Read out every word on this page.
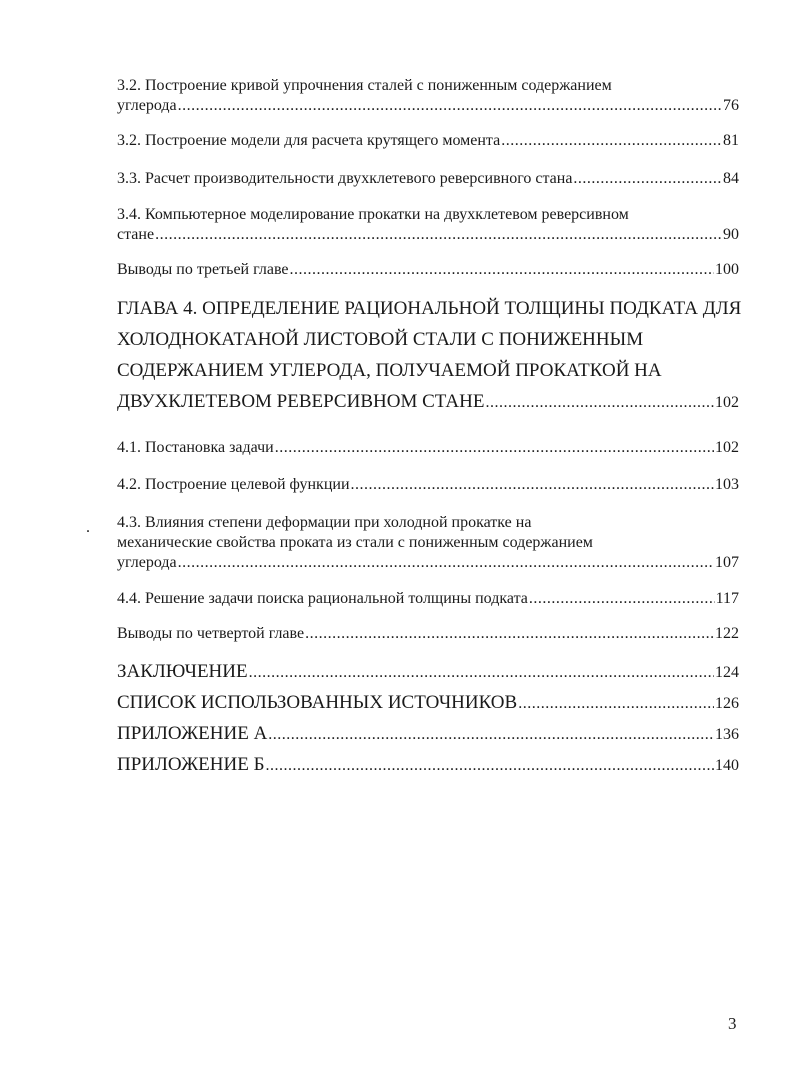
3.2. Построение кривой упрочнения сталей с пониженным содержанием
углерода .....	76
3.2. Построение модели для расчета крутящего момента .....	81
3.3. Расчет производительности двухклетевого реверсивного стана .....	84
3.4. Компьютерное моделирование прокатки на двухклетевом реверсивном
стане .....	90
Выводы по третьей главе .....	100
ГЛАВА 4. ОПРЕДЕЛЕНИЕ РАЦИОНАЛЬНОЙ ТОЛЩИНЫ ПОДКАТА ДЛЯ
ХОЛОДНОКАТАНОЙ ЛИСТОВОЙ СТАЛИ С ПОНИЖЕННЫМ
СОДЕРЖАНИЕМ УГЛЕРОДА, ПОЛУЧАЕМОЙ ПРОКАТКОЙ НА
ДВУХКЛЕТЕВОМ РЕВЕРСИВНОМ СТАНЕ .....	102
4.1. Постановка задачи .....	102
4.2. Построение целевой функции .....	103
4.3. Влияния степени деформации при холодной прокатке на
механические свойства проката из стали с пониженным содержанием
углерода .....	107
4.4. Решение задачи поиска рациональной толщины подката .....	117
Выводы по четвертой главе .....	122
ЗАКЛЮЧЕНИЕ .....	124
СПИСОК ИСПОЛЬЗОВАННЫХ ИСТОЧНИКОВ .....	126
ПРИЛОЖЕНИЕ А .....	136
ПРИЛОЖЕНИЕ Б .....	140
.
3
